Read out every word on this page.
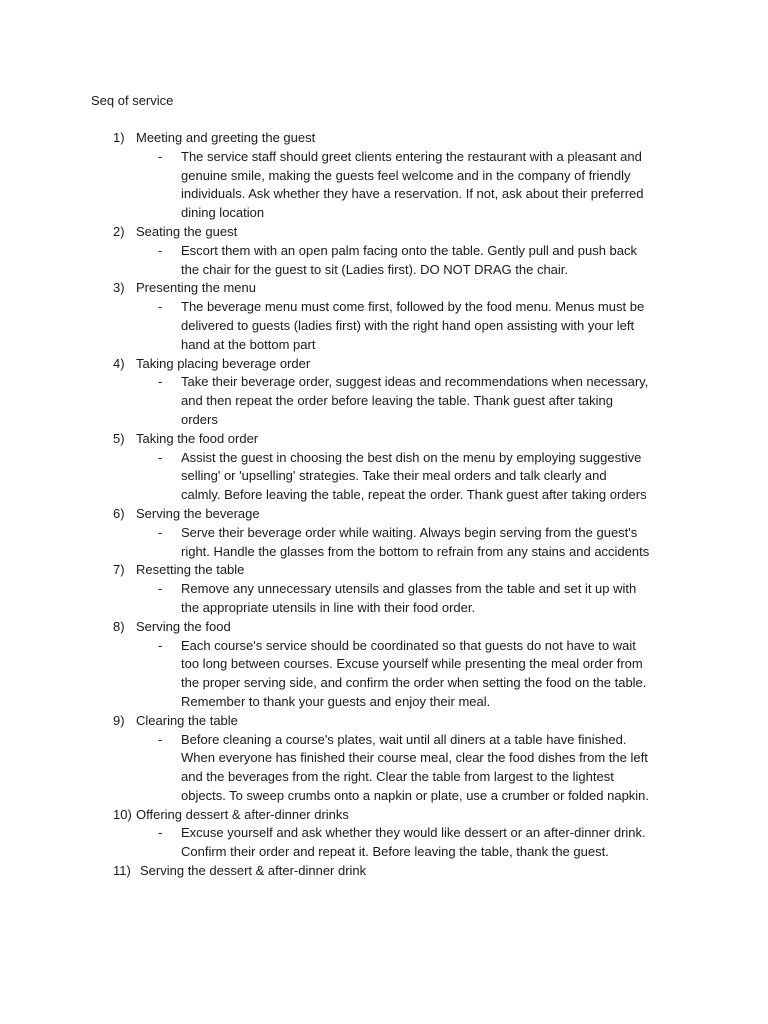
Seq of service
1) Meeting and greeting the guest
- The service staff should greet clients entering the restaurant with a pleasant and
genuine smile, making the guests feel welcome and in the company of friendly
individuals. Ask whether they have a reservation. If not, ask about their preferred
dining location
2) Seating the guest
- Escort them with an open palm facing onto the table. Gently pull and push back
the chair for the guest to sit (Ladies first). DO NOT DRAG the chair.
3) Presenting the menu
- The beverage menu must come first, followed by the food menu. Menus must be
delivered to guests (ladies first) with the right hand open assisting with your left
hand at the bottom part
4) Taking placing beverage order
- Take their beverage order, suggest ideas and recommendations when necessary,
and then repeat the order before leaving the table. Thank guest after taking
orders
5) Taking the food order
- Assist the guest in choosing the best dish on the menu by employing suggestive
selling' or 'upselling' strategies. Take their meal orders and talk clearly and
calmly. Before leaving the table, repeat the order. Thank guest after taking orders
6) Serving the beverage
- Serve their beverage order while waiting. Always begin serving from the guest's
right. Handle the glasses from the bottom to refrain from any stains and accidents
7) Resetting the table
- Remove any unnecessary utensils and glasses from the table and set it up with
the appropriate utensils in line with their food order.
8) Serving the food
- Each course's service should be coordinated so that guests do not have to wait
too long between courses. Excuse yourself while presenting the meal order from
the proper serving side, and confirm the order when setting the food on the table.
Remember to thank your guests and enjoy their meal.
9) Clearing the table
- Before cleaning a course's plates, wait until all diners at a table have finished.
When everyone has finished their course meal, clear the food dishes from the left
and the beverages from the right. Clear the table from largest to the lightest
objects. To sweep crumbs onto a napkin or plate, use a crumber or folded napkin.
10) Offering dessert & after-dinner drinks
- Excuse yourself and ask whether they would like dessert or an after-dinner drink.
Confirm their order and repeat it. Before leaving the table, thank the guest.
11) Serving the dessert & after-dinner drink
